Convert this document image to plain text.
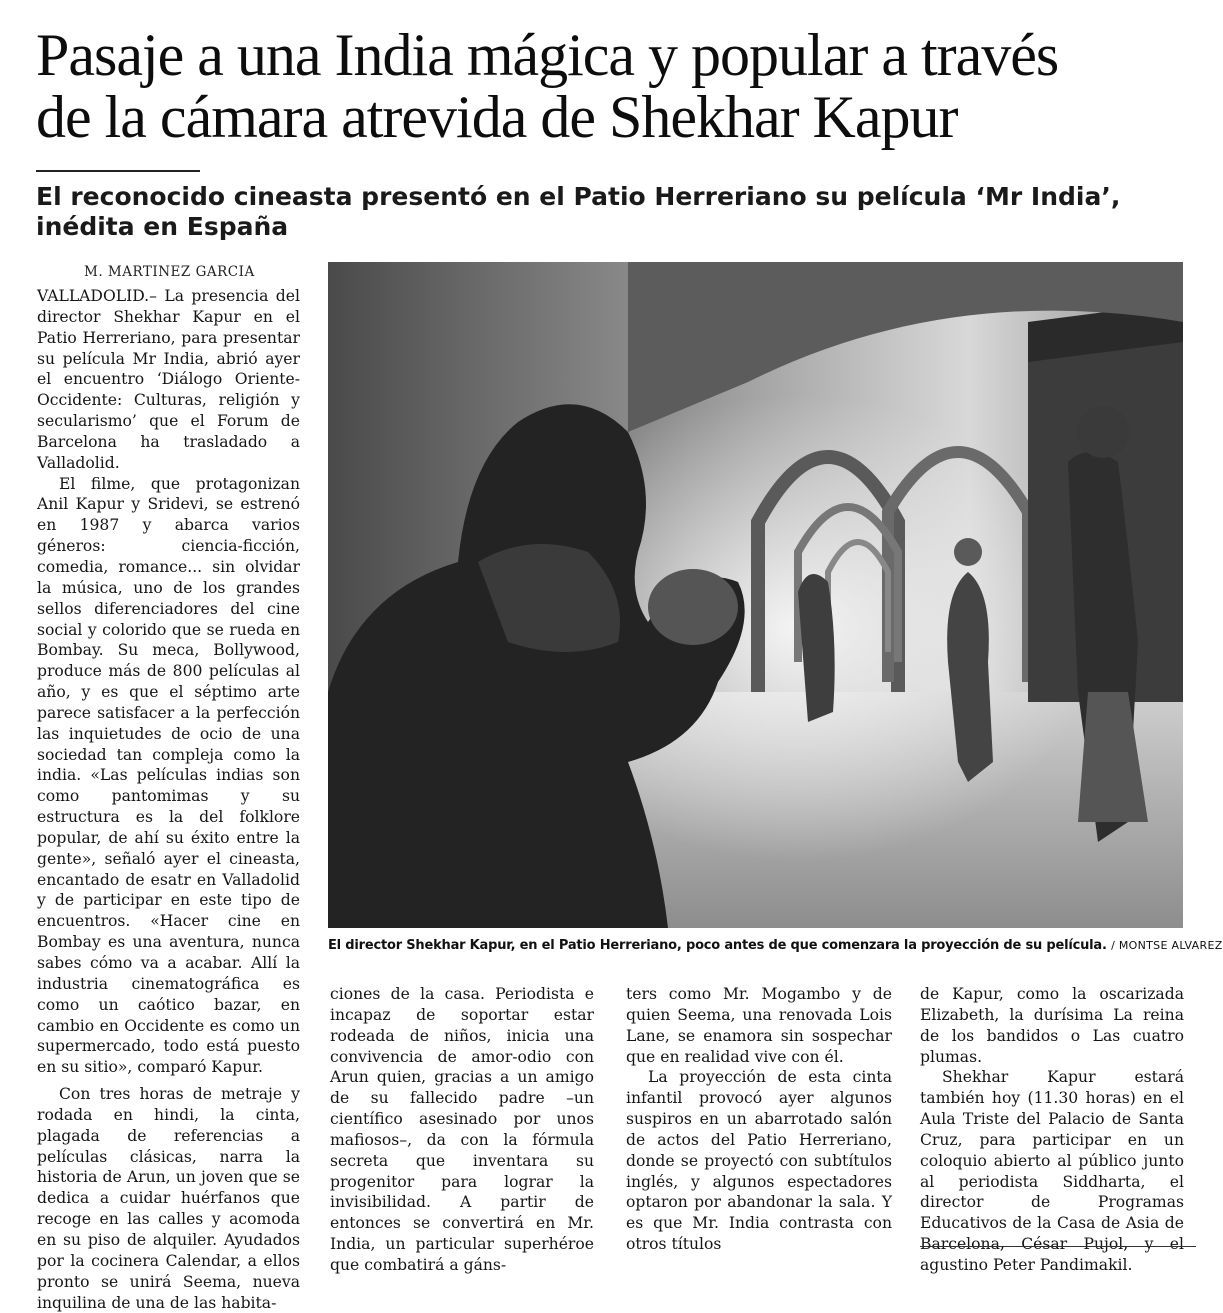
Pasaje a una India mágica y popular a través
de la cámara atrevida de Shekhar Kapur
El reconocido cineasta presentó en el Patio Herreriano su película ‘Mr India’, inédita en España
M. MARTINEZ GARCIA

VALLADOLID.– La presencia del director Shekhar Kapur en el Patio Herreriano, para presentar su película Mr India, abrió ayer el encuentro ‘Diálogo Oriente-Occidente: Culturas, religión y secularismo’ que el Forum de Barcelona ha trasladado a Valladolid.

El filme, que protagonizan Anil Kapur y Sridevi, se estrenó en 1987 y abarca varios géneros: ciencia-ficción, comedia, romance... sin olvidar la música, uno de los grandes sellos diferenciadores del cine social y colorido que se rueda en Bombay. Su meca, Bollywood, produce más de 800 películas al año, y es que el séptimo arte parece satisfacer a la perfección las inquietudes de ocio de una sociedad tan compleja como la india. «Las películas indias son como pantomimas y su estructura es la del folklore popular, de ahí su éxito entre la gente», señaló ayer el cineasta, encantado de esatr en Valladolid y de participar en este tipo de encuentros. «Hacer cine en Bombay es una aventura, nunca sabes cómo va a acabar. Allí la industria cinematográfica es como un caótico bazar, en cambio en Occidente es como un supermercado, todo está puesto en su sitio», comparó Kapur.

Con tres horas de metraje y rodada en hindi, la cinta, plagada de referencias a películas clásicas, narra la historia de Arun, un joven que se dedica a cuidar huérfanos que recoge en las calles y acomoda en su piso de alquiler. Ayudados por la cocinera Calendar, a ellos pronto se unirá Seema, nueva inquilina de una de las habita-

El director Shekhar Kapur, en el Patio Herreriano, poco antes de que comenzara la proyección de su película. / MONTSE ALVAREZ

ciones de la casa. Periodista e incapaz de soportar estar rodeada de niños, inicia una convivencia de amor-odio con Arun quien, gracias a un amigo de su fallecido padre –un científico asesinado por unos mafiosos–, da con la fórmula secreta que inventara su progenitor para lograr la invisibilidad. A partir de entonces se convertirá en Mr. India, un particular superhéroe que combatirá a gáns-

ters como Mr. Mogambo y de quien Seema, una renovada Lois Lane, se enamora sin sospechar que en realidad vive con él.

La proyección de esta cinta infantil provocó ayer algunos suspiros en un abarrotado salón de actos del Patio Herreriano, donde se proyectó con subtítulos inglés, y algunos espectadores optaron por abandonar la sala. Y es que Mr. India contrasta con otros títulos

de Kapur, como la oscarizada Elizabeth, la durísima La reina de los bandidos o Las cuatro plumas.

Shekhar Kapur estará también hoy (11.30 horas) en el Aula Triste del Palacio de Santa Cruz, para participar en un coloquio abierto al público junto al periodista Siddharta, el director de Programas Educativos de la Casa de Asia de Barcelona, César Pujol, y el agustino Peter Pandimakil.
